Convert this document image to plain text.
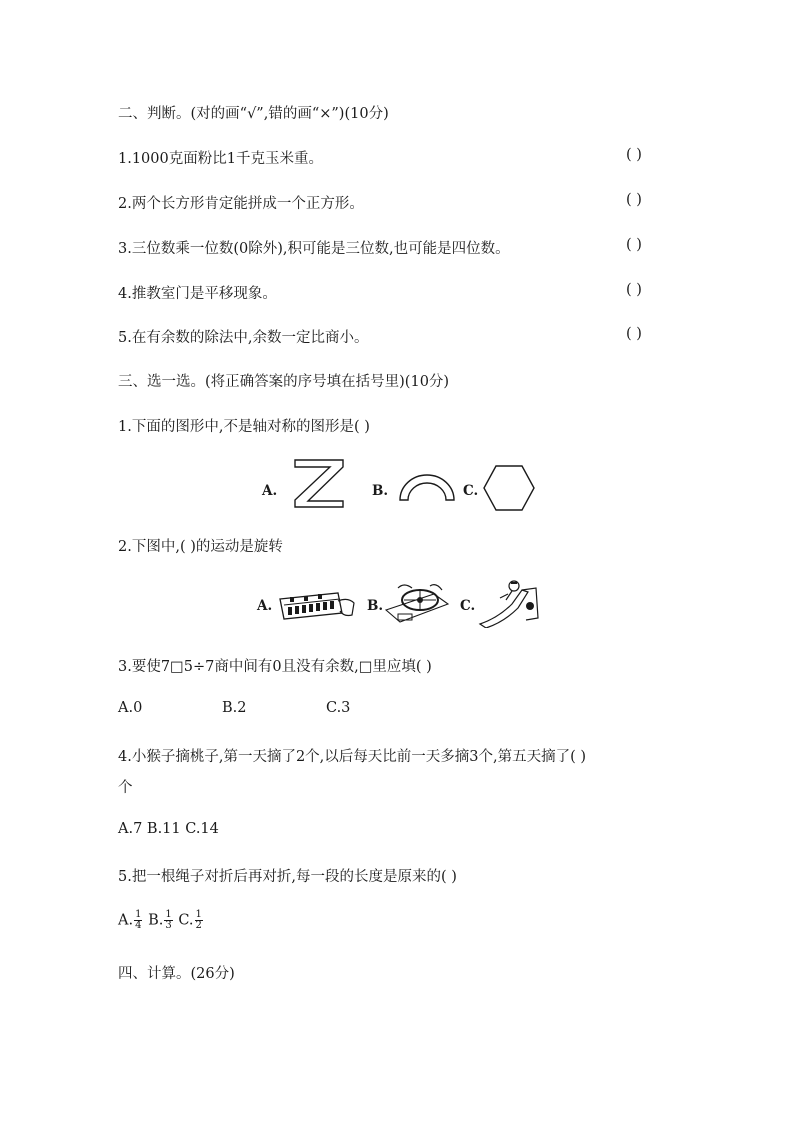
二、判断。(对的画“√”,错的画“×”)(10分)
1.1000克面粉比1千克玉米重。	( )
2.两个长方形肯定能拼成一个正方形。	( )
3.三位数乘一位数(0除外),积可能是三位数,也可能是四位数。	( )
4.推教室门是平移现象。	( )
5.在有余数的除法中,余数一定比商小。	( )
三、选一选。(将正确答案的序号填在括号里)(10分)
1.下面的图形中,不是轴对称的图形是( )
A.	B.	C.
2.下图中,( )的运动是旋转
A.	B.	C.
3.要使7□5÷7商中间有0且没有余数,□里应填( )
A.0	B.2	C.3
4.小猴子摘桃子,第一天摘了2个,以后每天比前一天多摘3个,第五天摘了( )
个
A.7 B.11 C.14
5.把一根绳子对折后再对折,每一段的长度是原来的( )
A. $\frac{1}{4} B$. $\frac{1}{3} C$. $\frac{1}{2}$
四、计算。(26分)
